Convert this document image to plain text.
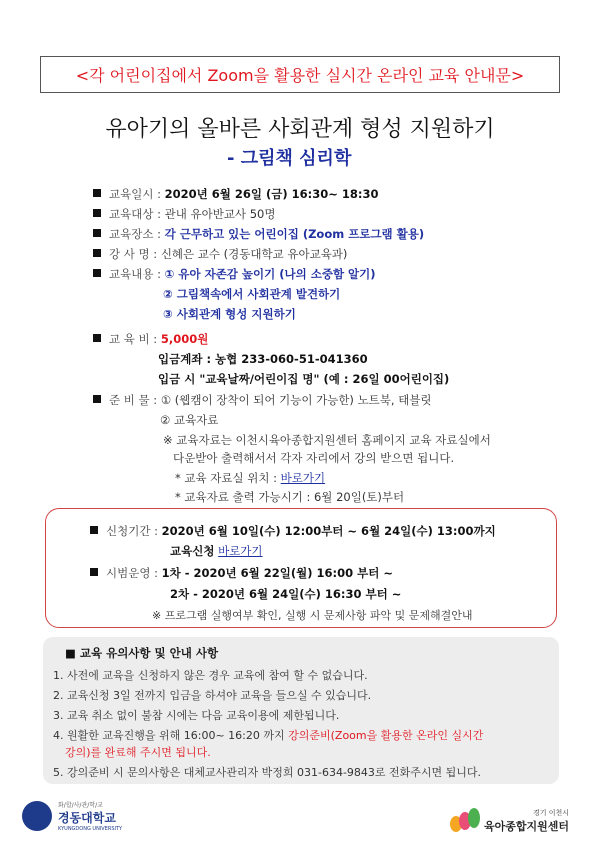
<각 어린이집에서 Zoom을 활용한 실시간 온라인 교육 안내문>
유아기의 올바른 사회관계 형성 지원하기
- 그림책 심리학
교육일시 :
2020년 6월 26일 (금) 16:30~ 18:30
교육대상 :
관내 유아반교사 50명
교육장소 :
각 근무하고 있는 어린이집 (Zoom 프로그램 활용)
강 사 명 :
신혜은 교수 (경동대학교 유아교육과)
교육내용 :
① 유아 자존감 높이기 (나의 소중함 알기)
② 그림책속에서 사회관계 발견하기
③ 사회관계 형성 지원하기
교 육 비 :
5,000원
입금계좌 : 농협 233-060-51-041360
입금 시 "교육날짜/어린이집 명" (예 : 26일 00어린이집)
준 비 물 :
① (웹캠이 장착이 되어 기능이 가능한) 노트북, 태블릿
② 교육자료
※ 교육자료는 이천시육아종합지원센터 홈페이지 교육 자료실에서
다운받아 출력해서서 각자 자리에서 강의 받으면 됩니다.
* 교육 자료실 위치 :
바로가기
* 교육자료 출력 가능시기 : 6월 20일(토)부터
신청기간 :
2020년 6월 10일(수) 12:00부터 ~ 6월 24일(수) 13:00까지
교육신청
바로가기
시범운영 :
1차 - 2020년 6월 22일(월) 16:00 부터 ~
2차 - 2020년 6월 24일(수) 16:30 부터 ~
※ 프로그램 실행여부 확인, 실행 시 문제사항 파악 및 문제해결안내
■ 교육 유의사항 및 안내 사항
1. 사전에 교육을 신청하지 않은 경우 교육에 참여 할 수 없습니다.
2. 교육신청 3일 전까지 입금을 하셔야 교육을 들으실 수 있습니다.
3. 교육 취소 없이 불참 시에는 다음 교육이용에 제한됩니다.
4. 원활한 교육진행을 위해 16:00~ 16:20 까지 강의준비(Zoom을 활용한 온라인 실시간
강의)를 완료해 주시면 됩니다.
5. 강의준비 시 문의사항은 대체교사관리자 박정희 031-634-9843로 전화주시면 됩니다.
화/합/사/관/학/교
경동대학교
KYUNGDONG UNIVERSITY
경기 이천시
육아종합지원센터
